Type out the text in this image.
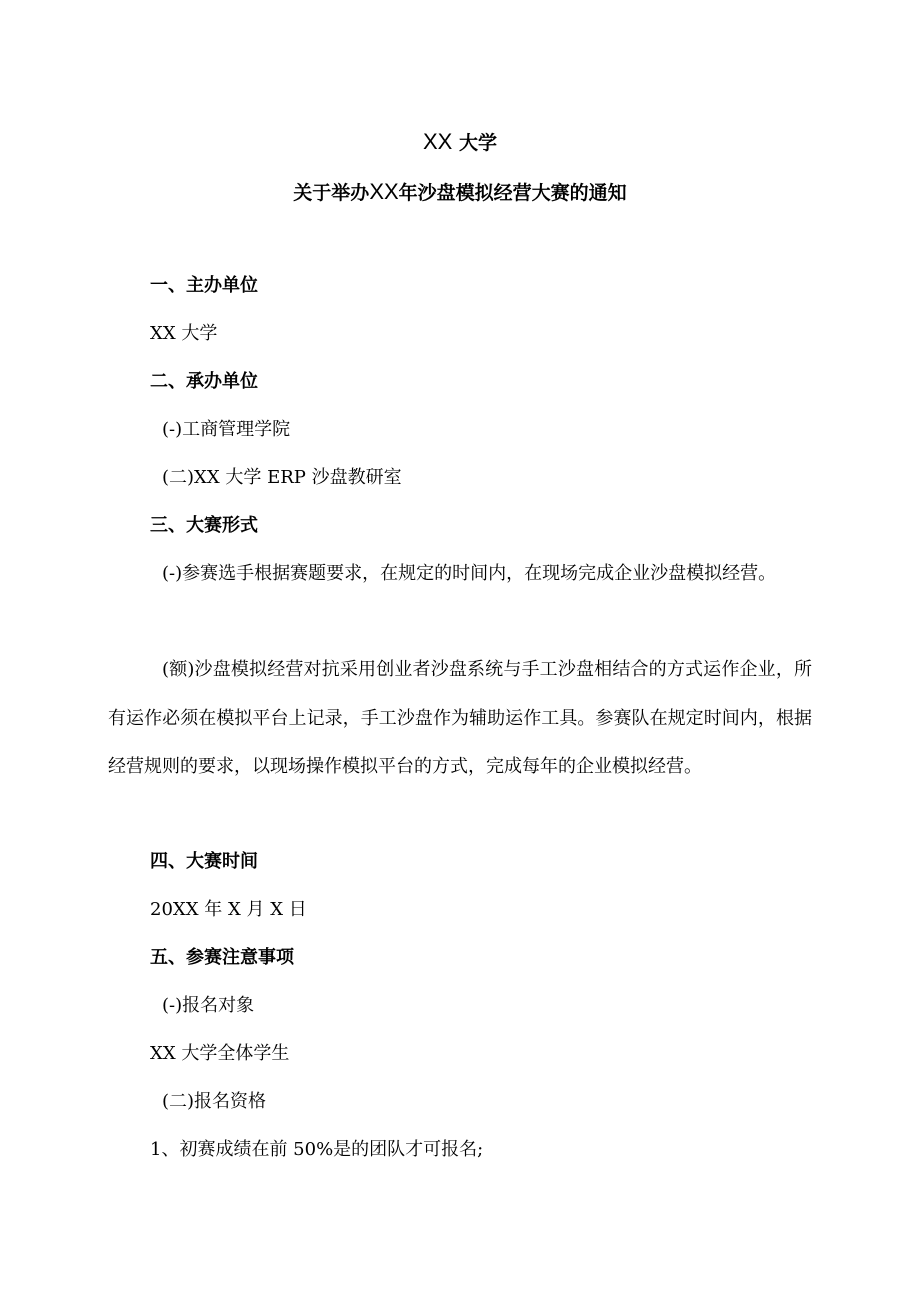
XX 大学
关于举办XX年沙盘模拟经营大赛的通知
一、主办单位
XX 大学
二、承办单位
(-)工商管理学院
(二)XX 大学 ERP 沙盘教研室
三、大赛形式
(-)参赛选手根据赛题要求，在规定的时间内，在现场完成企业沙盘模拟经营。
(额)沙盘模拟经营对抗采用创业者沙盘系统与手工沙盘相结合的方式运作企业，所有运作必须在模拟平台上记录，手工沙盘作为辅助运作工具。参赛队在规定时间内，根据经营规则的要求，以现场操作模拟平台的方式，完成每年的企业模拟经营。
四、大赛时间
20XX 年 X 月 X 日
五、参赛注意事项
(-)报名对象
XX 大学全体学生
(二)报名资格
1、初赛成绩在前 50%是的团队才可报名;
